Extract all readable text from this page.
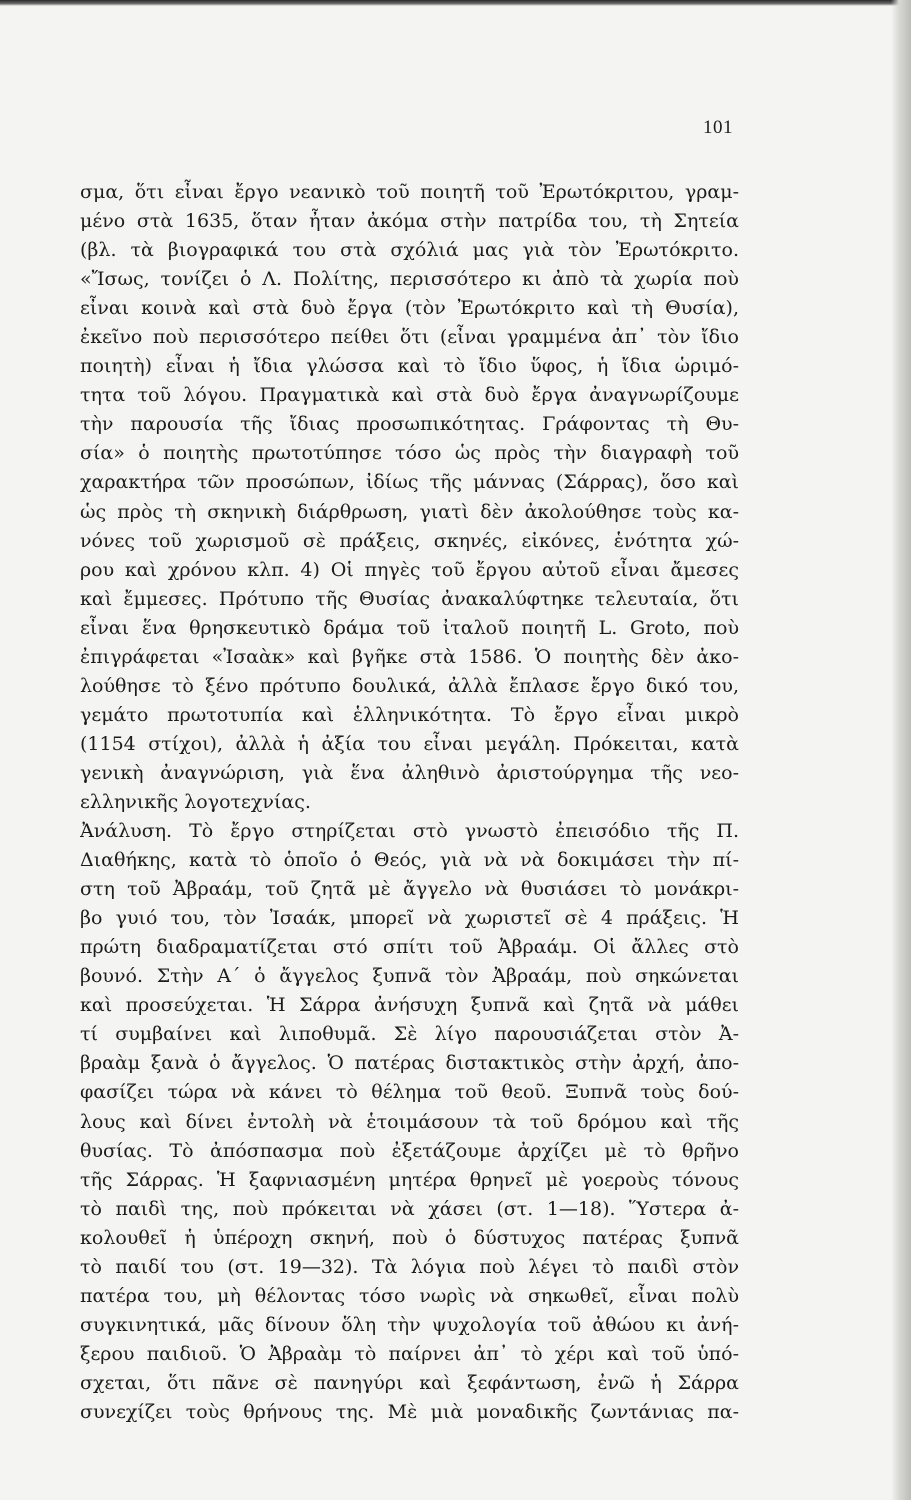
101
σμα, ὅτι εἶναι ἔργο νεανικὸ τοῦ ποιητῆ τοῦ Ἐρωτόκριτου, γραμ-
μένο στὰ 1635, ὅταν ἦταν ἀκόμα στὴν πατρίδα του, τὴ Σητεία
(βλ. τὰ βιογραφικά του στὰ σχόλιά μας γιὰ τὸν Ἐρωτόκριτο.
«Ἴσως, τονίζει ὁ Λ. Πολίτης, περισσότερο κι ἀπὸ τὰ χωρία ποὺ
εἶναι κοινὰ καὶ στὰ δυὸ ἔργα (τὸν Ἐρωτόκριτο καὶ τὴ Θυσία),
ἐκεῖνο ποὺ περισσότερο πείθει ὅτι (εἶναι γραμμένα ἀπ᾿ τὸν ἴδιο
ποιητὴ) εἶναι ἡ ἴδια γλώσσα καὶ τὸ ἴδιο ὕφος, ἡ ἴδια ὡριμό-
τητα τοῦ λόγου. Πραγματικὰ καὶ στὰ δυὸ ἔργα ἀναγνωρίζουμε
τὴν παρουσία τῆς ἴδιας προσωπικότητας. Γράφοντας τὴ Θυ-
σία» ὁ ποιητὴς πρωτοτύπησε τόσο ὡς πρὸς τὴν διαγραφὴ τοῦ
χαρακτήρα τῶν προσώπων, ἰδίως τῆς μάννας (Σάρρας), ὅσο καὶ
ὡς πρὸς τὴ σκηνικὴ διάρθρωση, γιατὶ δὲν ἀκολούθησε τοὺς κα-
νόνες τοῦ χωρισμοῦ σὲ πράξεις, σκηνές, εἰκόνες, ἑνότητα χώ-
ρου καὶ χρόνου κλπ. 4) Οἱ πηγὲς τοῦ ἔργου αὐτοῦ εἶναι ἄμεσες
καὶ ἔμμεσες. Πρότυπο τῆς Θυσίας ἀνακαλύφτηκε τελευταία, ὅτι
εἶναι ἕνα θρησκευτικὸ δράμα τοῦ ἰταλοῦ ποιητῆ L. Groto, ποὺ
ἐπιγράφεται «Ἰσαὰκ» καὶ βγῆκε στὰ 1586. Ὁ ποιητὴς δὲν ἀκο-
λούθησε τὸ ξένο πρότυπο δουλικά, ἀλλὰ ἔπλασε ἔργο δικό του,
γεμάτο πρωτοτυπία καὶ ἑλληνικότητα. Τὸ ἔργο εἶναι μικρὸ
(1154 στίχοι), ἀλλὰ ἡ ἀξία του εἶναι μεγάλη. Πρόκειται, κατὰ
γενικὴ ἀναγνώριση, γιὰ ἕνα ἀληθινὸ ἀριστούργημα τῆς νεο-
ελληνικῆς λογοτεχνίας.
Ἀνάλυση. Τὸ ἔργο στηρίζεται στὸ γνωστὸ ἐπεισόδιο τῆς Π.
Διαθήκης, κατὰ τὸ ὁποῖο ὁ Θεός, γιὰ νὰ νὰ δοκιμάσει τὴν πί-
στη τοῦ Ἀβραάμ, τοῦ ζητᾶ μὲ ἄγγελο νὰ θυσιάσει τὸ μονάκρι-
βο γυιό του, τὸν Ἰσαάκ, μπορεῖ νὰ χωριστεῖ σὲ 4 πράξεις. Ἡ
πρώτη διαδραματίζεται στό σπίτι τοῦ Ἀβραάμ. Οἱ ἄλλες στὸ
βουνό. Στὴν Α΄ ὁ ἄγγελος ξυπνᾶ τὸν Ἀβραάμ, ποὺ σηκώνεται
καὶ προσεύχεται. Ἡ Σάρρα ἀνήσυχη ξυπνᾶ καὶ ζητᾶ νὰ μάθει
τί συμβαίνει καὶ λιποθυμᾶ. Σὲ λίγο παρουσιάζεται στὸν Ἀ-
βραὰμ ξανὰ ὁ ἄγγελος. Ὁ πατέρας διστακτικὸς στὴν ἀρχή, ἀπο-
φασίζει τώρα νὰ κάνει τὸ θέλημα τοῦ θεοῦ. Ξυπνᾶ τοὺς δού-
λους καὶ δίνει ἐντολὴ νὰ ἑτοιμάσουν τὰ τοῦ δρόμου καὶ τῆς
θυσίας. Τὸ ἀπόσπασμα ποὺ ἐξετάζουμε ἀρχίζει μὲ τὸ θρῆνο
τῆς Σάρρας. Ἡ ξαφνιασμένη μητέρα θρηνεῖ μὲ γοεροὺς τόνους
τὸ παιδὶ της, ποὺ πρόκειται νὰ χάσει (στ. 1—18). Ὕστερα ἀ-
κολουθεῖ ἡ ὑπέροχη σκηνή, ποὺ ὁ δύστυχος πατέρας ξυπνᾶ
τὸ παιδί του (στ. 19—32). Τὰ λόγια ποὺ λέγει τὸ παιδὶ στὸν
πατέρα του, μὴ θέλοντας τόσο νωρὶς νὰ σηκωθεῖ, εἶναι πολὺ
συγκινητικά, μᾶς δίνουν ὅλη τὴν ψυχολογία τοῦ ἀθώου κι ἀνή-
ξερου παιδιοῦ. Ὁ Ἀβραὰμ τὸ παίρνει ἀπ᾿ τὸ χέρι καὶ τοῦ ὑπό-
σχεται, ὅτι πᾶνε σὲ πανηγύρι καὶ ξεφάντωση, ἐνῶ ἡ Σάρρα
συνεχίζει τοὺς θρήνους της. Μὲ μιὰ μοναδικῆς ζωντάνιας πα-
